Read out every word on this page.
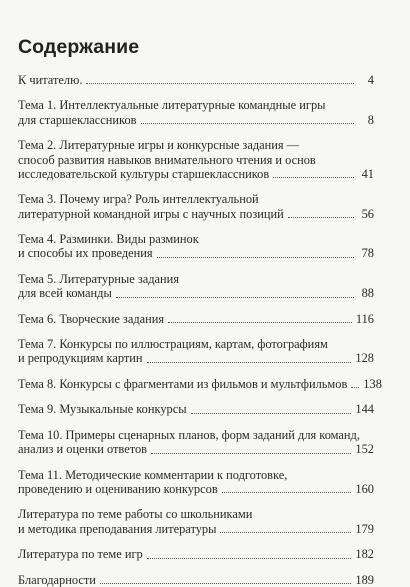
Содержание
К читателю.	4
Тема 1. Интеллектуальные литературные командные игры
для старшеклассников	8
Тема 2. Литературные игры и конкурсные задания —
способ развития навыков внимательного чтения и основ
исследовательской культуры старшеклассников	41
Тема 3. Почему игра? Роль интеллектуальной
литературной командной игры с научных позиций	56
Тема 4. Разминки. Виды разминок
и способы их проведения	78
Тема 5. Литературные задания
для всей команды	88
Тема 6. Творческие задания	116
Тема 7. Конкурсы по иллюстрациям, картам, фотографиям
и репродукциям картин	128
Тема 8. Конкурсы с фрагментами из фильмов и мультфильмов 138
Тема 9. Музыкальные конкурсы	144
Тема 10. Примеры сценарных планов, форм заданий для команд,
анализ и оценки ответов	152
Тема 11. Методические комментарии к подготовке,
проведению и оцениванию конкурсов	160
Литература по теме работы со школьниками
и методика преподавания литературы	179
Литература по теме игр	182
Благодарности	189
